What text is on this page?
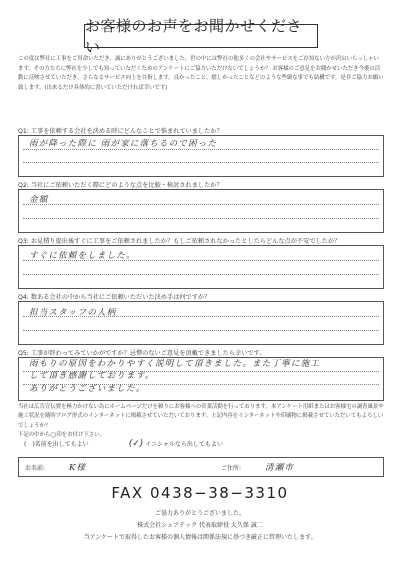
お客様のお声をお聞かせください
この度は弊社に工事をご用命いただき、誠にありがとうございました。世の中には弊社の他多くの会社やサービスをご存知ない方が沢山いらっしゃいます。その方たちに弊社を少しでも知っていただくためのアンケートにご協力いただけないでしょうか？ お客様のご意見をお聞かせいただき今後の活動に反映させていただき、さらなるサービス向上を目指します。良かったこと、嬉しかったことなどのような些細な事でも結構です。是非ご協力お願い致します。(出来るだけ具体的に書いていただければ幸いです)
Q1: 工事を依頼する会社を決める時にどんなことで悩まれていましたか？
雨が降った際に 雨が家に落ちるので困った
Q2: 当社にご依頼いただく際にどのような点を比較・検討されましたか？
金額
Q3: お見積り提出後すぐに工事をご依頼されましたか？もしご依頼されなかったとしたらどんな点が不安でしたか？
すぐに依頼をしました。
Q4: 数ある会社の中から当社にご依頼いただいた決め手は何ですか？
担当スタッフの人柄
Q5: 工事が終わってみていかがですか？忌憚のないご意見を頂戴できましたら幸いです。
雨もりの原因をわかりやすく説明して頂きました。また丁寧に施工
して頂き感謝しております。
ありがとうございました。
当社は広告宣伝費を極力かけない為にホームページだけを頼りにお客様への営業活動を行っております。本アンケート用紙またはお客様宅の調査風景や施工状況を随時ブログ形式のインターネットに掲載させていただいております。上記内容をインターネットや印刷物に掲載させていただいてもよろしいでしょうか？
下記の中から◯印をお付け下さい。
(　)名前を出してもよい	(✓) イニシャルなら出してもよい
お名前:	K様	ご住所:	清瀬市
FAX 0438−38−3310
ご協力ありがとうございました。
株式会社シェアテック 代表取締役 大久保 誠二
当アンケートで取得したお客様の個人情報は関係法規に基づき厳正に管理いたします。
